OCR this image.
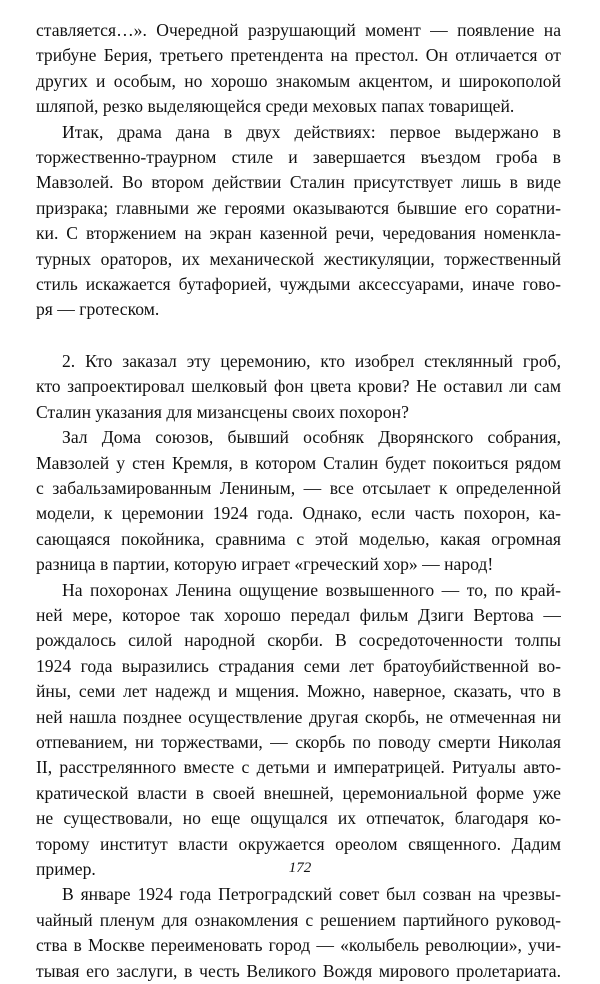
ставляется…». Очередной разрушающий момент — появление на
трибуне Берия, третьего претендента на престол. Он отличается от
других и особым, но хорошо знакомым акцентом, и широкополой
шляпой, резко выделяющейся среди меховых папах товарищей.

Итак, драма дана в двух действиях: первое выдержано в
торжественно-траурном стиле и завершается въездом гроба в
Мавзолей. Во втором действии Сталин присутствует лишь в виде
призрака; главными же героями оказываются бывшие его соратни-
ки. С вторжением на экран казенной речи, чередования номенкла-
турных ораторов, их механической жестикуляции, торжественный
стиль искажается бутафорией, чуждыми аксессуарами, иначе гово-
ря — гротеском.

2. Кто заказал эту церемонию, кто изобрел стеклянный гроб,
кто запроектировал шелковый фон цвета крови? Не оставил ли сам
Сталин указания для мизансцены своих похорон?

Зал Дома союзов, бывший особняк Дворянского собрания,
Мавзолей у стен Кремля, в котором Сталин будет покоиться рядом
с забальзамированным Лениным, — все отсылает к определенной
модели, к церемонии 1924 года. Однако, если часть похорон, ка-
сающаяся покойника, сравнима с этой моделью, какая огромная
разница в партии, которую играет «греческий хор» — народ!

На похоронах Ленина ощущение возвышенного — то, по край-
ней мере, которое так хорошо передал фильм Дзиги Вертова —
рождалось силой народной скорби. В сосредоточенности толпы
1924 года выразились страдания семи лет братоубийственной во-
йны, семи лет надежд и мщения. Можно, наверное, сказать, что в
ней нашла позднее осуществление другая скорбь, не отмеченная ни
отпеванием, ни торжествами, — скорбь по поводу смерти Николая
II, расстрелянного вместе с детьми и императрицей. Ритуалы авто-
кратической власти в своей внешней, церемониальной форме уже
не существовали, но еще ощущался их отпечаток, благодаря ко-
торому институт власти окружается ореолом священного. Дадим
пример.

В январе 1924 года Петроградский совет был созван на чрезвы-
чайный пленум для ознакомления с решением партийного руковод-
ства в Москве переименовать город — «колыбель революции», учи-
тывая его заслуги, в честь Великого Вождя мирового пролетариата.

172
